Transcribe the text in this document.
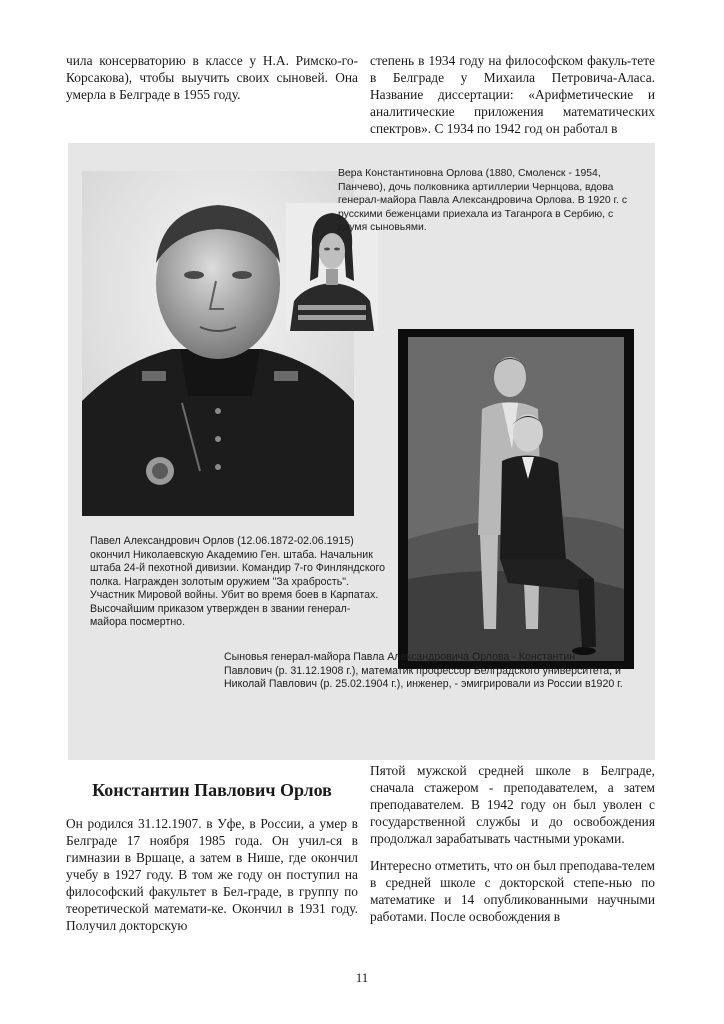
чила консерваторию в классе у Н.А. Римско-го-Корсакова), чтобы выучить своих сыновей. Она умерла в Белграде в 1955 году.

степень в 1934 году на философском факуль-тете в Белграде у Михаила Петровича-Аласа. Название диссертации: «Арифметические и аналитические приложения математических спектров». С 1934 по 1942 год он работал в

Вера Константиновна Орлова (1880, Смоленск - 1954, Панчево), дочь полковника артиллерии Чернцова, вдова генерал-майора Павла Александровича Орлова. В 1920 г. с русскими беженцами приехала из Таганрога в Сербию, с двумя сыновьями.

Павел Александрович Орлов (12.06.1872-02.06.1915) окончил Николаевскую Академию Ген. штаба. Начальник штаба 24-й пехотной дивизии. Командир 7-го Финляндского полка. Награжден золотым оружием "За храбрость". Участник Мировой войны. Убит во время боев в Карпатах. Высочайшим приказом утвержден в звании генерал-майора посмертно.

Сыновья генерал-майора Павла Александровича Орлова - Константин Павлович (р. 31.12.1908 г.), математик профессор Белградского университета, и Николай Павлович (р. 25.02.1904 г.), инженер, - эмигрировали из России в1920 г.

Константин Павлович Орлов

Он родился 31.12.1907. в Уфе, в России, а умер в Белграде 17 ноября 1985 года. Он учил-ся в гимназии в Вршаце, а затем в Нише, где окончил учебу в 1927 году. В том же году он поступил на философский факультет в Бел-граде, в группу по теоретической математи-ке. Окончил в 1931 году. Получил докторскую

Пятой мужской средней школе в Белграде, сначала стажером - преподавателем, а затем преподавателем. В 1942 году он был уволен с государственной службы и до освобождения продолжал зарабатывать частными уроками.

Интересно отметить, что он был преподава-телем в средней школе с докторской степе-нью по математике и 14 опубликованными научными работами. После освобождения в

11
